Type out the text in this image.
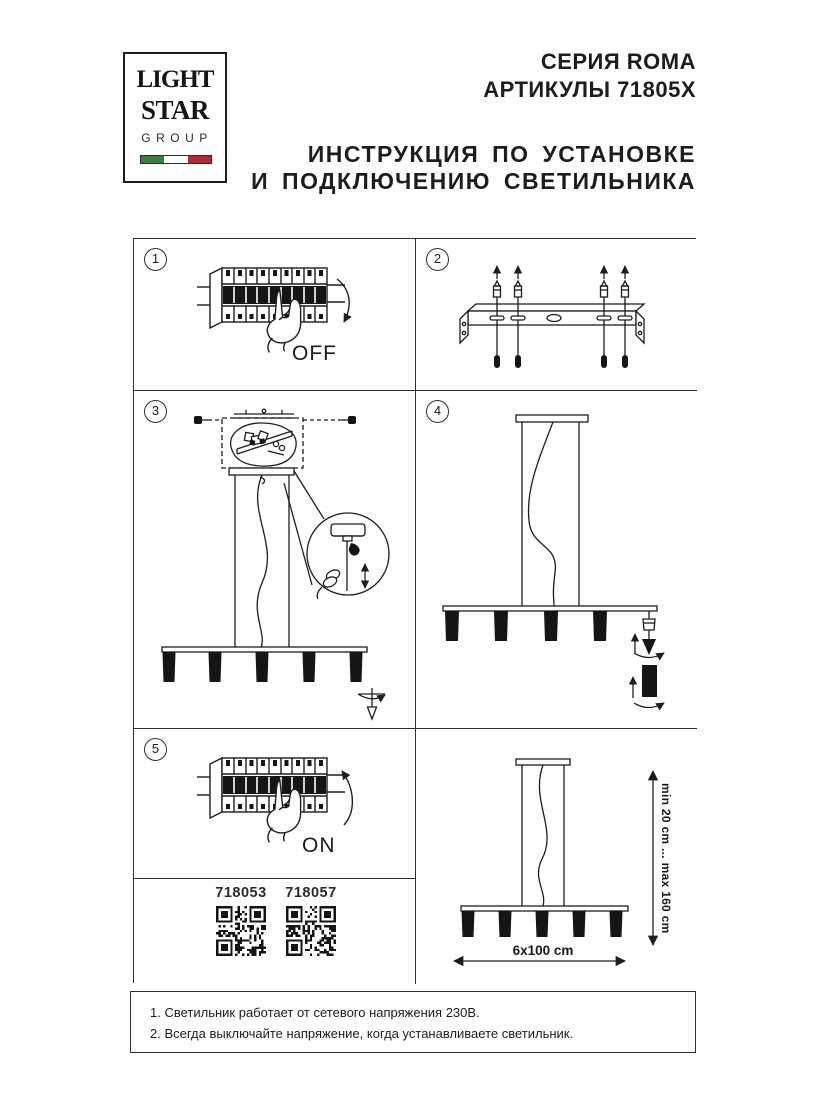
LIGHT
STAR
GROUP
СЕРИЯ ROMA
АРТИКУЛЫ 71805X
ИНСТРУКЦИЯ ПО УСТАНОВКЕ
И ПОДКЛЮЧЕНИЮ СВЕТИЛЬНИКА
1
OFF
2
3	4
5
ON
718053	718057	min 20 cm ... max 160 cm
6x100 cm
1. Светильник работает от сетевого напряжения 230В.
2. Всегда выключайте напряжение, когда устанавливаете светильник.
